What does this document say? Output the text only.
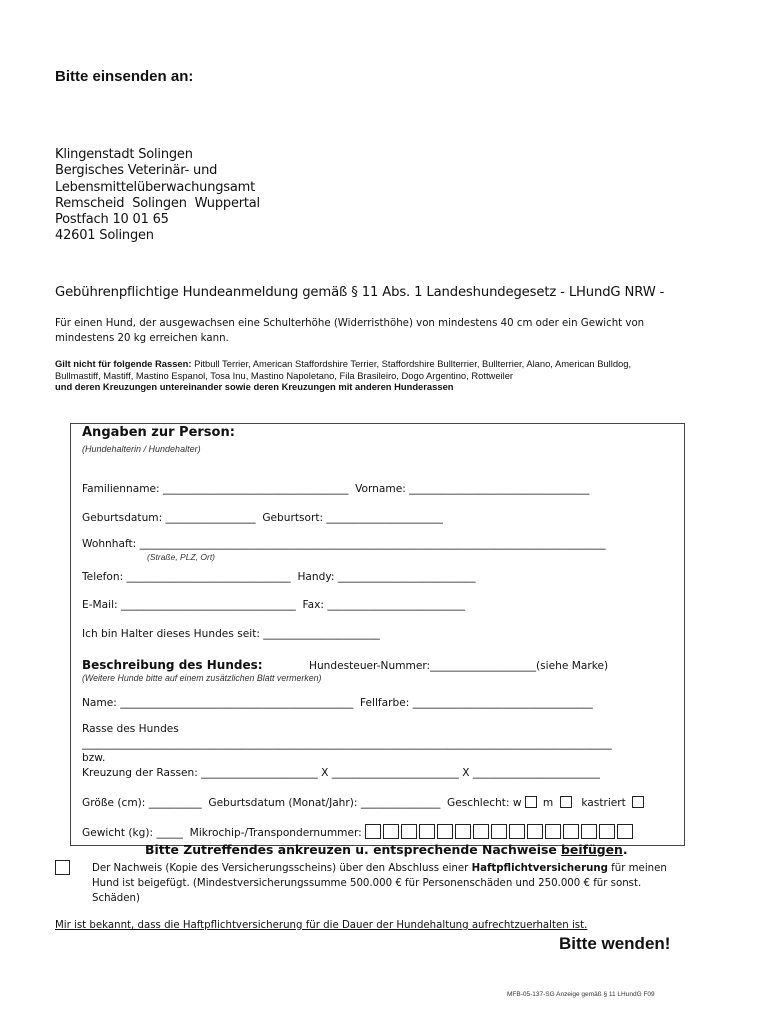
Bitte einsenden an:
Klingenstadt Solingen
Bergisches Veterinär- und
Lebensmittelüberwachungsamt
Remscheid  Solingen  Wuppertal
Postfach 10 01 65
42601 Solingen
Gebührenpflichtige Hundeanmeldung gemäß § 11 Abs. 1 Landeshundegesetz - LHundG NRW -
Für einen Hund, der ausgewachsen eine Schulterhöhe (Widerristhöhe) von mindestens 40 cm oder ein Gewicht von mindestens 20 kg erreichen kann.
Gilt nicht für folgende Rassen: Pitbull Terrier, American Staffordshire Terrier, Staffordshire Bullterrier, Bullterrier, Alano, American Bulldog, Bullmastiff, Mastiff, Mastino Espanol, Tosa Inu, Mastino Napoletano, Fila Brasileiro, Dogo Argentino, Rottweiler
und deren Kreuzungen untereinander sowie deren Kreuzungen mit anderen Hunderassen
Angaben zur Person:
(Hundehalterin / Hundehalter)
Familienname: ___________________________________  Vorname: __________________________________
Geburtsdatum: _________________  Geburtsort: ______________________
Wohnhaft: ________________________________________________________________________________________
(Straße, PLZ, Ort)
Telefon: _______________________________  Handy: __________________________
E-Mail: _________________________________  Fax: __________________________
Ich bin Halter dieses Hundes seit: ______________________
Beschreibung des Hundes:	Hundesteuer-Nummer:____________________(siehe Marke)
(Weitere Hunde bitte auf einem zusätzlichen Blatt vermerken)
Name: ____________________________________________  Fellfarbe: __________________________________
Rasse des Hundes
____________________________________________________________________________________________________
bzw.
Kreuzung der Rassen: ______________________ X ________________________ X ________________________
Größe (cm): __________  Geburtsdatum (Monat/Jahr): _______________  Geschlecht: w m   kastriert
Gewicht (kg): _____  Mikrochip-/Transpondernummer:
Bitte Zutreffendes ankreuzen u. entsprechende Nachweise beifügen.
Der Nachweis (Kopie des Versicherungsscheins) über den Abschluss einer Haftpflichtversicherung für meinen Hund ist beigefügt. (Mindestversicherungssumme 500.000 € für Personenschäden und 250.000 € für sonst. Schäden)
Mir ist bekannt, dass die Haftpflichtversicherung für die Dauer der Hundehaltung aufrechtzuerhalten ist.
Bitte wenden!
MFB-05-137-SG Anzeige gemäß § 11 LHundG F09
